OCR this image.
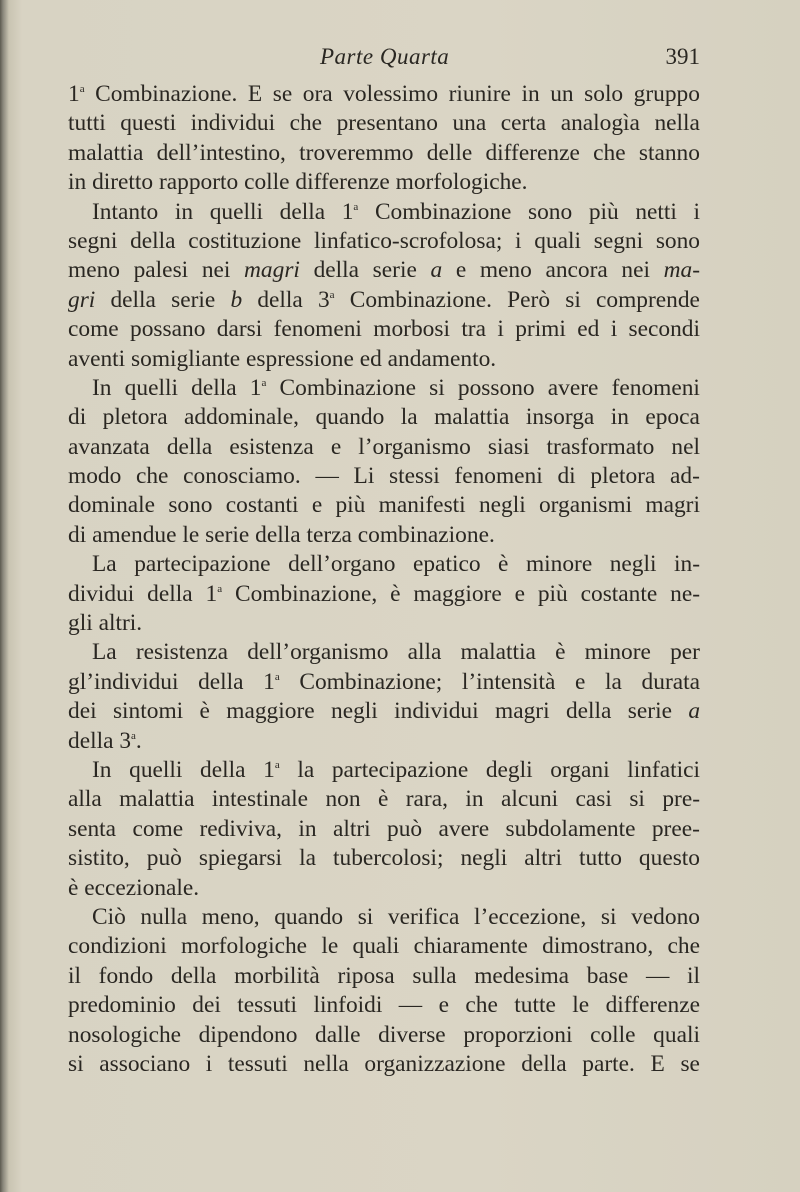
Parte Quarta	391
1$^a$ Combinazione. E se ora volessimo riunire in un solo gruppo
tutti questi individui che presentano una certa analogìa nella
malattia dell’intestino, troveremmo delle differenze che stanno
in diretto rapporto colle differenze morfologiche.
Intanto in quelli della 1$^a$ Combinazione sono più netti i
segni della costituzione linfatico-scrofolosa; i quali segni sono
meno palesi nei magri della serie a e meno ancora nei ma-
gri della serie b della 3$^a$ Combinazione. Però si comprende
come possano darsi fenomeni morbosi tra i primi ed i secondi
aventi somigliante espressione ed andamento.
In quelli della 1$^a$ Combinazione si possono avere fenomeni
di pletora addominale, quando la malattia insorga in epoca
avanzata della esistenza e l’organismo siasi trasformato nel
modo che conosciamo. — Li stessi fenomeni di pletora ad-
dominale sono costanti e più manifesti negli organismi magri
di amendue le serie della terza combinazione.
La partecipazione dell’organo epatico è minore negli in-
dividui della 1$^a$ Combinazione, è maggiore e più costante ne-
gli altri.
La resistenza dell’organismo alla malattia è minore per
gl’individui della 1$^a$ Combinazione; l’intensità e la durata
dei sintomi è maggiore negli individui magri della serie a
della 3$^a$.
In quelli della 1$^a$ la partecipazione degli organi linfatici
alla malattia intestinale non è rara, in alcuni casi si pre-
senta come rediviva, in altri può avere subdolamente pree-
sistito, può spiegarsi la tubercolosi; negli altri tutto questo
è eccezionale.
Ciò nulla meno, quando si verifica l’eccezione, si vedono
condizioni morfologiche le quali chiaramente dimostrano, che
il fondo della morbilità riposa sulla medesima base — il
predominio dei tessuti linfoidi — e che tutte le differenze
nosologiche dipendono dalle diverse proporzioni colle quali
si associano i tessuti nella organizzazione della parte. E se
